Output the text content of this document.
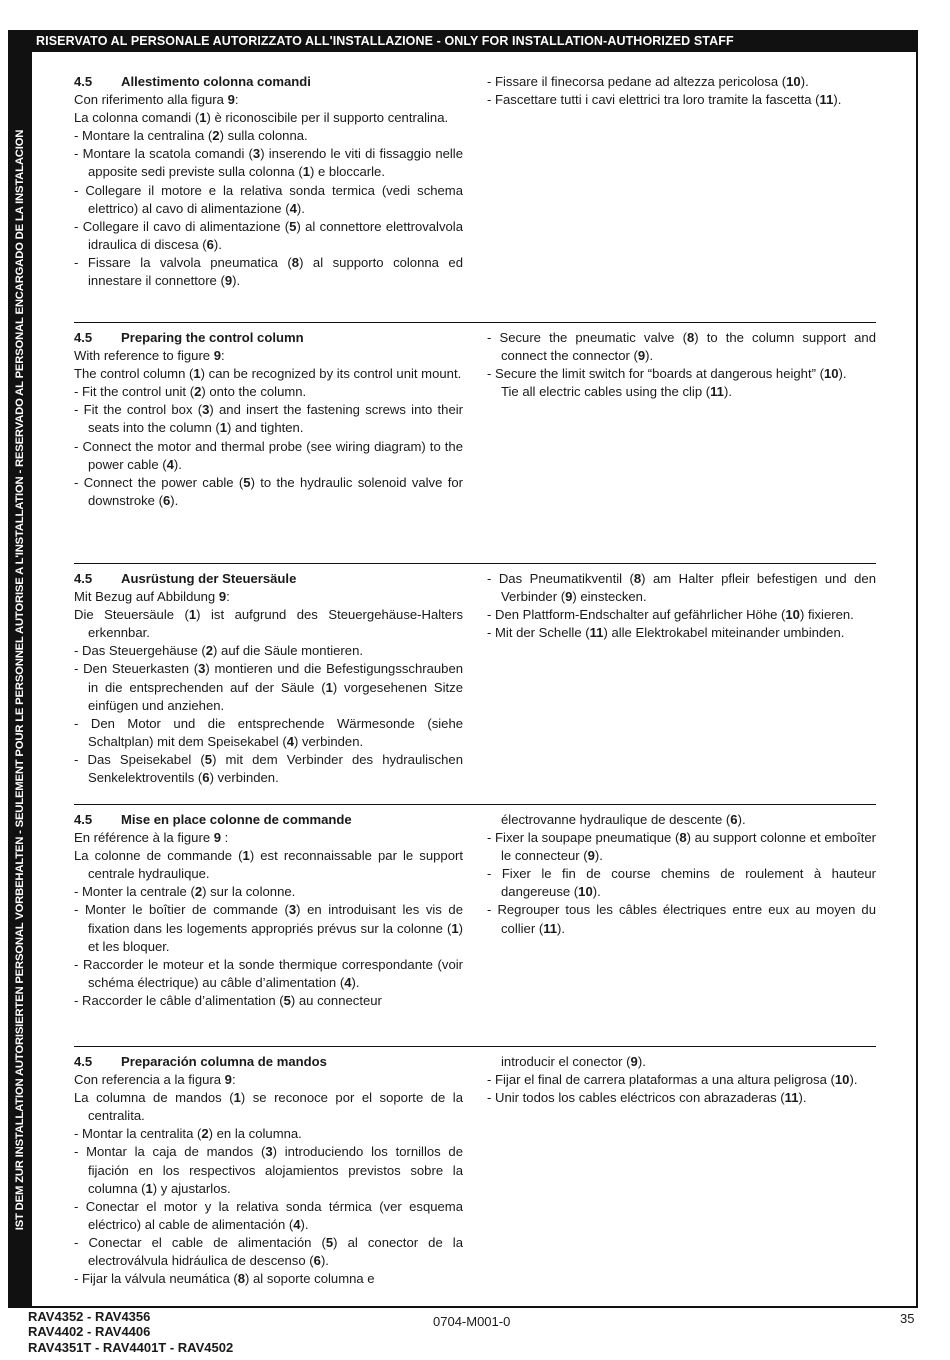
RISERVATO AL PERSONALE AUTORIZZATO ALL'INSTALLAZIONE - ONLY FOR INSTALLATION-AUTHORIZED STAFF
IST DEM ZUR INSTALLATION AUTORISIERTEN PERSONAL VORBEHALTEN - SEULEMENT POUR LE PERSONNEL AUTORISE A L'INSTALLATION - RESERVADO AL PERSONAL ENCARGADO DE LA INSTALACION
4.5 Allestimento colonna comandi
Con riferimento alla figura 9:
La colonna comandi (1) è riconoscibile per il supporto centralina.
- Montare la centralina (2) sulla colonna.
- Montare la scatola comandi (3) inserendo le viti di fissaggio nelle apposite sedi previste sulla colonna (1) e bloccarle.
- Collegare il motore e la relativa sonda termica (vedi schema elettrico) al cavo di alimentazione (4).
- Collegare il cavo di alimentazione (5) al connettore elettrovalvola idraulica di discesa (6).
- Fissare la valvola pneumatica (8) al supporto colonna ed innestare il connettore (9).
- Fissare il finecorsa pedane ad altezza pericolosa (10).
- Fascettare tutti i cavi elettrici tra loro tramite la fascetta (11).
4.5 Preparing the control column
With reference to figure 9:
The control column (1) can be recognized by its control unit mount.
- Fit the control unit (2) onto the column.
- Fit the control box (3) and insert the fastening screws into their seats into the column (1) and tighten.
- Connect the motor and thermal probe (see wiring diagram) to the power cable (4).
- Connect the power cable (5) to the hydraulic solenoid valve for downstroke (6).
- Secure the pneumatic valve (8) to the column support and connect the connector (9).
- Secure the limit switch for “boards at dangerous height” (10).
Tie all electric cables using the clip (11).
4.5 Ausrüstung der Steuersäule
Mit Bezug auf Abbildung 9:
Die Steuersäule (1) ist aufgrund des Steuergehäuse-Halters erkennbar.
- Das Steuergehäuse (2) auf die Säule montieren.
- Den Steuerkasten (3) montieren und die Befestigungsschrauben in die entsprechenden auf der Säule (1) vorgesehenen Sitze einfügen und anziehen.
- Den Motor und die entsprechende Wärmesonde (siehe Schaltplan) mit dem Speisekabel (4) verbinden.
- Das Speisekabel (5) mit dem Verbinder des hydraulischen Senkelektroventils (6) verbinden.
- Das Pneumatikventil (8) am Halter pfleir befestigen und den Verbinder (9) einstecken.
- Den Plattform-Endschalter auf gefährlicher Höhe (10) fixieren.
- Mit der Schelle (11) alle Elektrokabel miteinander umbinden.
4.5 Mise en place colonne de commande
En référence à la figure 9 :
La colonne de commande (1) est reconnaissable par le support centrale hydraulique.
- Monter la centrale (2) sur la colonne.
- Monter le boîtier de commande (3) en introduisant les vis de fixation dans les logements appropriés prévus sur la colonne (1) et les bloquer.
- Raccorder le moteur et la sonde thermique correspondante (voir schéma électrique) au câble d’alimentation (4).
- Raccorder le câble d’alimentation (5) au connecteur
électrovanne hydraulique de descente (6).
- Fixer la soupape pneumatique (8) au support colonne et emboîter le connecteur (9).
- Fixer le fin de course chemins de roulement à hauteur dangereuse (10).
- Regrouper tous les câbles électriques entre eux au moyen du collier (11).
4.5 Preparación columna de mandos
Con referencia a la figura 9:
La columna de mandos (1) se reconoce por el soporte de la centralita.
- Montar la centralita (2) en la columna.
- Montar la caja de mandos (3) introduciendo los tornillos de fijación en los respectivos alojamientos previstos sobre la columna (1) y ajustarlos.
- Conectar el motor y la relativa sonda térmica (ver esquema eléctrico) al cable de alimentación (4).
- Conectar el cable de alimentación (5) al conector de la electroválvula hidráulica de descenso (6).
- Fijar la válvula neumática (8) al soporte columna e
introducir el conector (9).
- Fijar el final de carrera plataformas a una altura peligrosa (10).
- Unir todos los cables eléctricos con abrazaderas (11).
RAV4352 - RAV4356
RAV4402 - RAV4406
RAV4351T - RAV4401T - RAV4502
0704-M001-0	35
